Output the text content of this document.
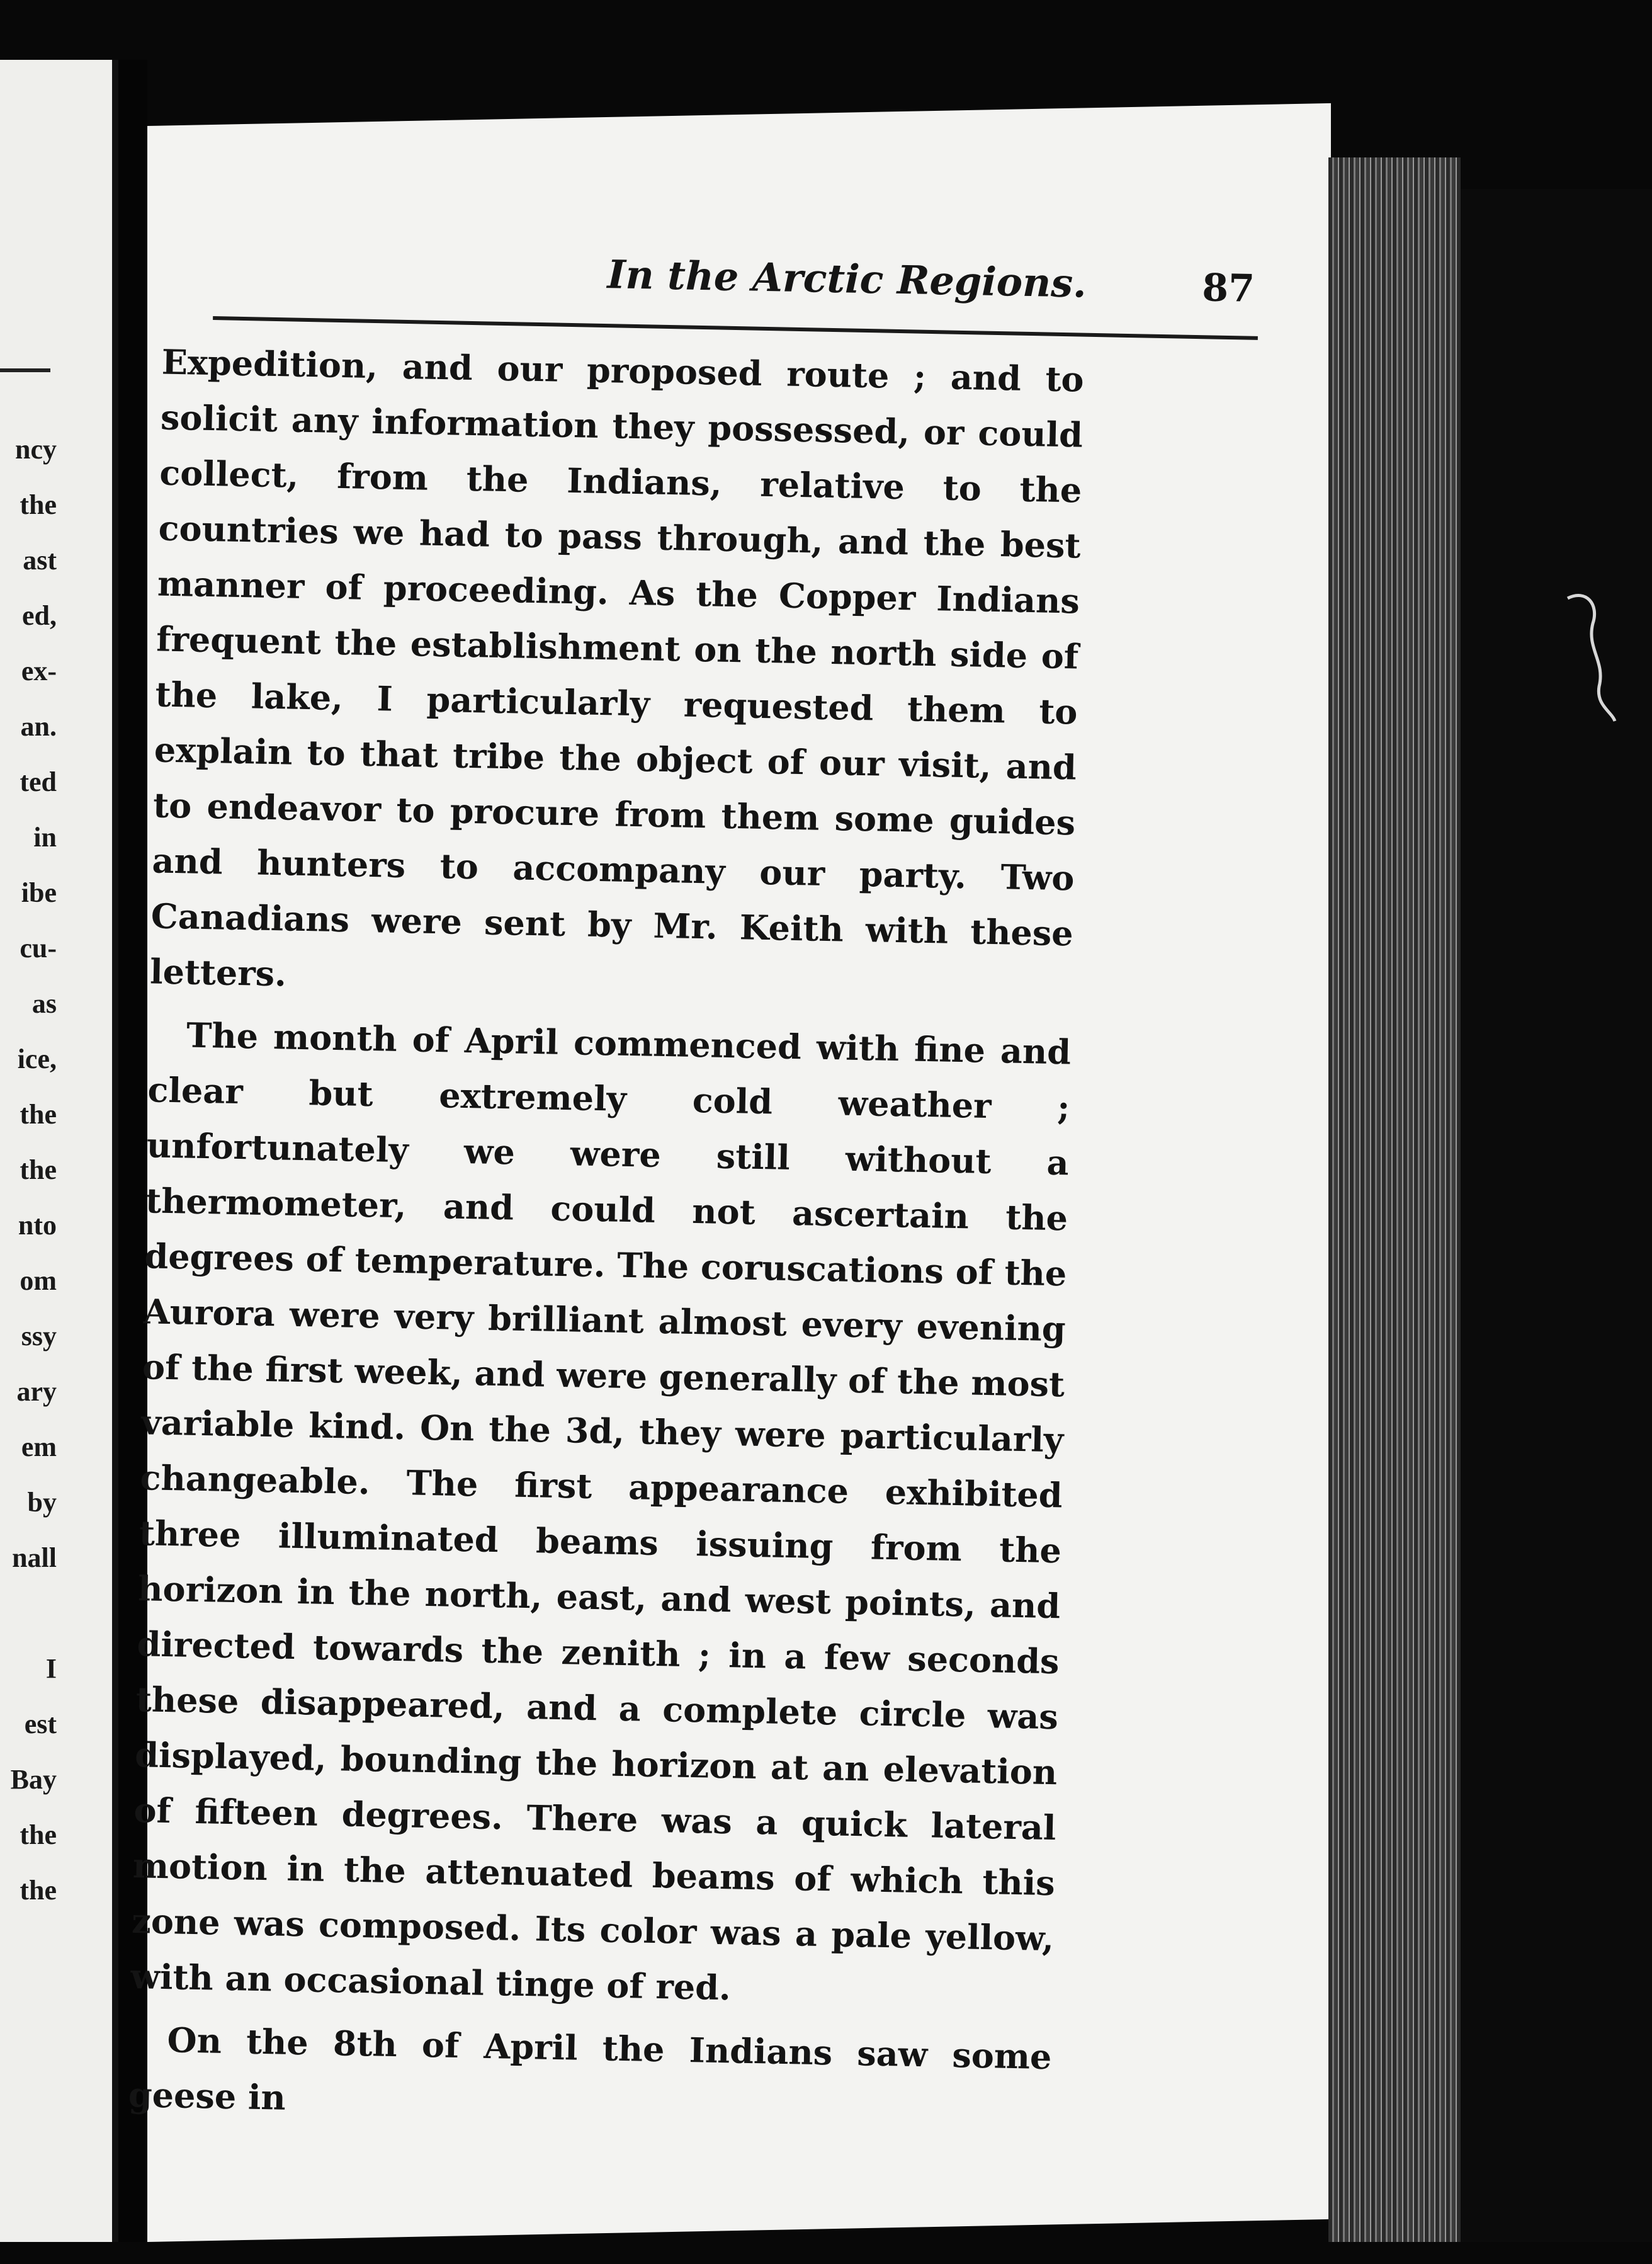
ncy
the
ast
ed,
ex-
an.
ted
in
ibe
cu-
as
ice,
the
the
nto
om
ssy
ary
em
by
nall
I
est
Bay
the
the
In the Arctic Regions.	87

Expedition, and our proposed route ; and to solicit any information they possessed, or could collect, from the Indians, relative to the countries we had to pass through, and the best manner of proceeding. As the Copper Indians frequent the establishment on the north side of the lake, I particularly requested them to explain to that tribe the object of our visit, and to endeavor to procure from them some guides and hunters to accompany our party. Two Canadians were sent by Mr. Keith with these letters.

The month of April commenced with fine and clear but extremely cold weather ; unfortunately we were still without a thermometer, and could not ascertain the degrees of temperature. The coruscations of the Aurora were very brilliant almost every evening of the first week, and were generally of the most variable kind. On the 3d, they were particularly changeable. The first appearance exhibited three illuminated beams issuing from the horizon in the north, east, and west points, and directed towards the zenith ; in a few seconds these disappeared, and a complete circle was displayed, bounding the horizon at an elevation of fifteen degrees. There was a quick lateral motion in the attenuated beams of which this zone was composed. Its color was a pale yellow, with an occasional tinge of red.

On the 8th of April the Indians saw some geese in
